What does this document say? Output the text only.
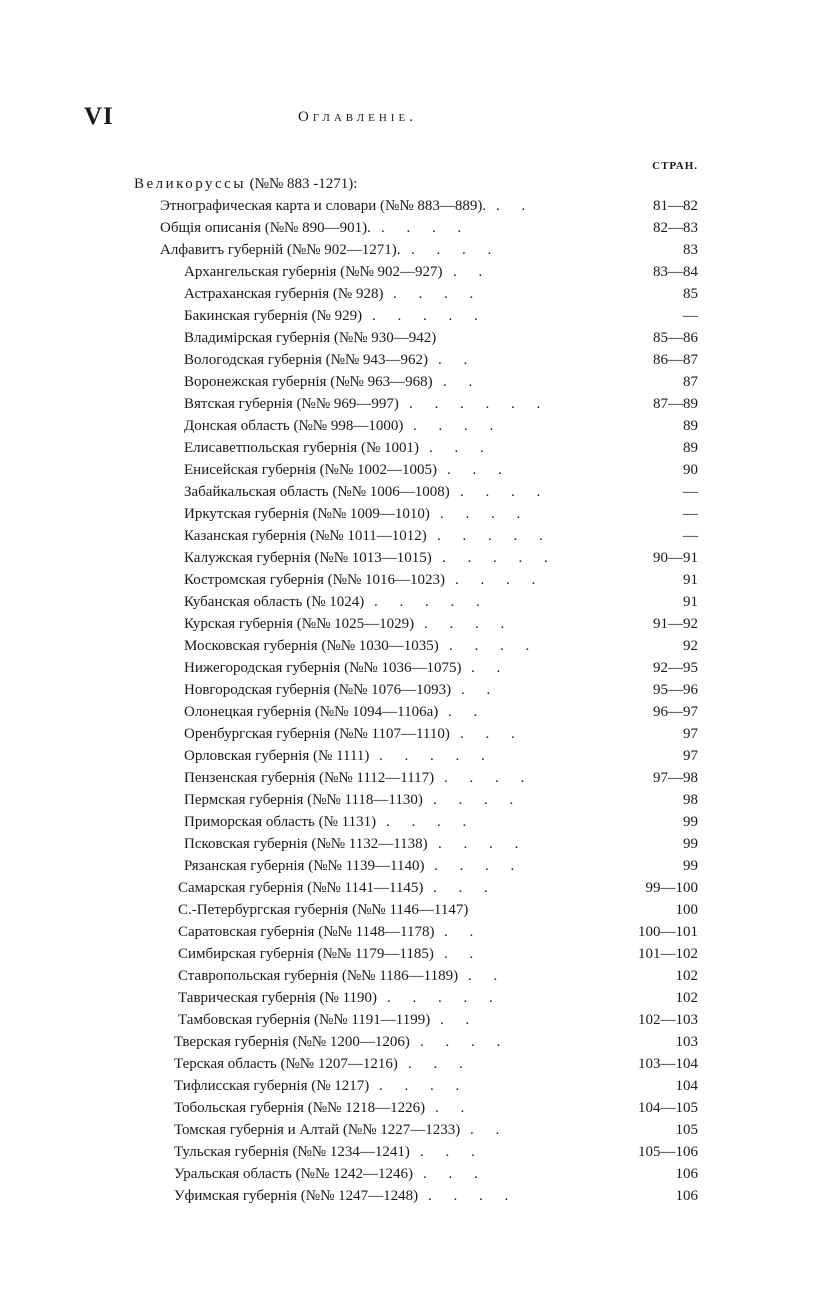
VI	Оглавленіе.
СТРАН.
Великоруссы (№№ 883 -1271):
Этнографическая карта и словари (№№ 883—889). . .	81—82
Общія описанія (№№ 890—901). . . . .	82—83
Алфавитъ губерній (№№ 902—1271). . . . .	83
Архангельская губернія (№№ 902—927) . .	83—84
Астраханская губернія (№ 928) . . . .	85
Бакинская губернія (№ 929) . . . . .	—
Владимірская губернія (№№ 930—942)	85—86
Вологодская губернія (№№ 943—962) . .	86—87
Воронежская губернія (№№ 963—968) . .	87
Вятская губернія (№№ 969—997) . . . . . .	87—89
Донская область (№№ 998—1000) . . . .	89
Елисаветпольская губернія (№ 1001) . . .	89
Енисейская губернія (№№ 1002—1005) . . .	90
Забайкальская область (№№ 1006—1008) . . . .	—
Иркутская губернія (№№ 1009—1010) . . . .	—
Казанская губернія (№№ 1011—1012) . . . . .	—
Калужская губернія (№№ 1013—1015) . . . . .	90—91
Костромская губернія (№№ 1016—1023) . . . .	91
Кубанская область (№ 1024) . . . . .	91
Курская губернія (№№ 1025—1029) . . . .	91—92
Московская губернія (№№ 1030—1035) . . . .	92
Нижегородская губернія (№№ 1036—1075) . .	92—95
Новгородская губернія (№№ 1076—1093) . .	95—96
Олонецкая губернія (№№ 1094—1106а) . .	96—97
Оренбургская губернія (№№ 1107—1110) . . .	97
Орловская губернія (№ 1111) . . . . .	97
Пензенская губернія (№№ 1112—1117) . . . .	97—98
Пермская губернія (№№ 1118—1130) . . . .	98
Приморская область (№ 1131) . . . .	99
Псковская губернія (№№ 1132—1138) . . . .	99
Рязанская губернія (№№ 1139—1140) . . . .	99
Самарская губернія (№№ 1141—1145) . . .	99—100
С.-Петербургская губернія (№№ 1146—1147)	100
Саратовская губернія (№№ 1148—1178) . .	100—101
Симбирская губернія (№№ 1179—1185) . .	101—102
Ставропольская губернія (№№ 1186—1189) . .	102
Таврическая губернія (№ 1190) . . . . .	102
Тамбовская губернія (№№ 1191—1199) . .	102—103
Тверская губернія (№№ 1200—1206) . . . .	103
Терская область (№№ 1207—1216) . . .	103—104
Тифлисская губернія (№ 1217) . . . .	104
Тобольская губернія (№№ 1218—1226) . .	104—105
Томская губернія и Алтай (№№ 1227—1233) . .	105
Тульская губернія (№№ 1234—1241) . . .	105—106
Уральская область (№№ 1242—1246) . . .	106
Уфимская губернія (№№ 1247—1248) . . . .	106
